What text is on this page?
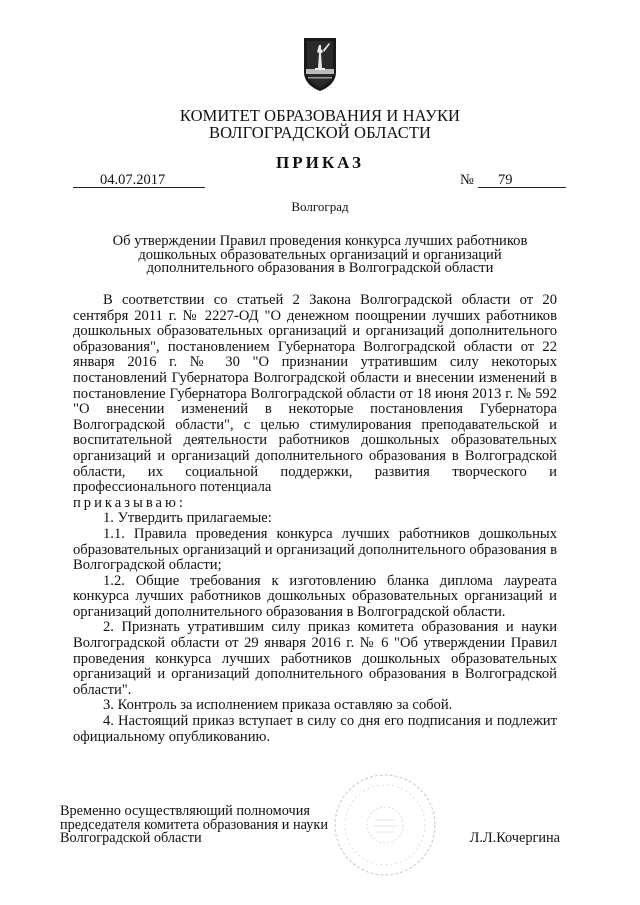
КОМИТЕТ ОБРАЗОВАНИЯ И НАУКИ
ВОЛГОГРАДСКОЙ ОБЛАСТИ
ПРИКАЗ
04.07.2017	№ 79
Волгоград
Об утверждении Правил проведения конкурса лучших работников
дошкольных образовательных организаций и организаций
дополнительного образования в Волгоградской области

В соответствии со статьей 2 Закона Волгоградской области от 20 сентября 2011 г. № 2227-ОД "О денежном поощрении лучших работников дошкольных образовательных организаций и организаций дополнительного образования", постановлением Губернатора Волгоградской области от 22 января 2016 г. № 30 "О признании утратившим силу некоторых постановлений Губернатора Волгоградской области и внесении изменений в постановление Губернатора Волгоградской области от 18 июня 2013 г. № 592 "О внесении изменений в некоторые постановления Губернатора Волгоградской области", с целью стимулирования преподавательской и воспитательной деятельности работников дошкольных образовательных организаций и организаций дополнительного образования в Волгоградской области, их социальной поддержки, развития творческого и профессионального потенциала

приказываю:

1. Утвердить прилагаемые:

1.1. Правила проведения конкурса лучших работников дошкольных образовательных организаций и организаций дополнительного образования в Волгоградской области;

1.2. Общие требования к изготовлению бланка диплома лауреата конкурса лучших работников дошкольных образовательных организаций и организаций дополнительного образования в Волгоградской области.

2. Признать утратившим силу приказ комитета образования и науки Волгоградской области от 29 января 2016 г. № 6 "Об утверждении Правил проведения конкурса лучших работников дошкольных образовательных организаций и организаций дополнительного образования в Волгоградской области".

3. Контроль за исполнением приказа оставляю за собой.

4. Настоящий приказ вступает в силу со дня его подписания и подлежит официальному опубликованию.

Временно осуществляющий полномочия
председателя комитета образования и науки
Волгоградской области	Л.Л.Кочергина
